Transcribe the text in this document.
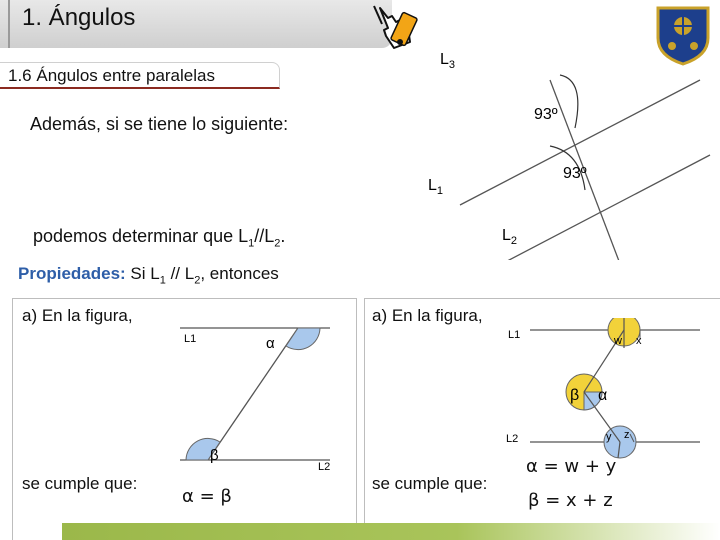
1. Ángulos
1.6 Ángulos entre paralelas
Además, si se tiene lo siguiente:
podemos determinar que $L_1//L_2$.
93º
93º
$L_3$
$L_1$
$L_2$
Propiedades: Si $L_1 // L_2$, entonces
a) En la figura,
L1
L2
α
β
se cumple que:
α = β
a) En la figura,
L1
L2
w x
y z
β α
se cumple que:
α = w + y
β = x + z
